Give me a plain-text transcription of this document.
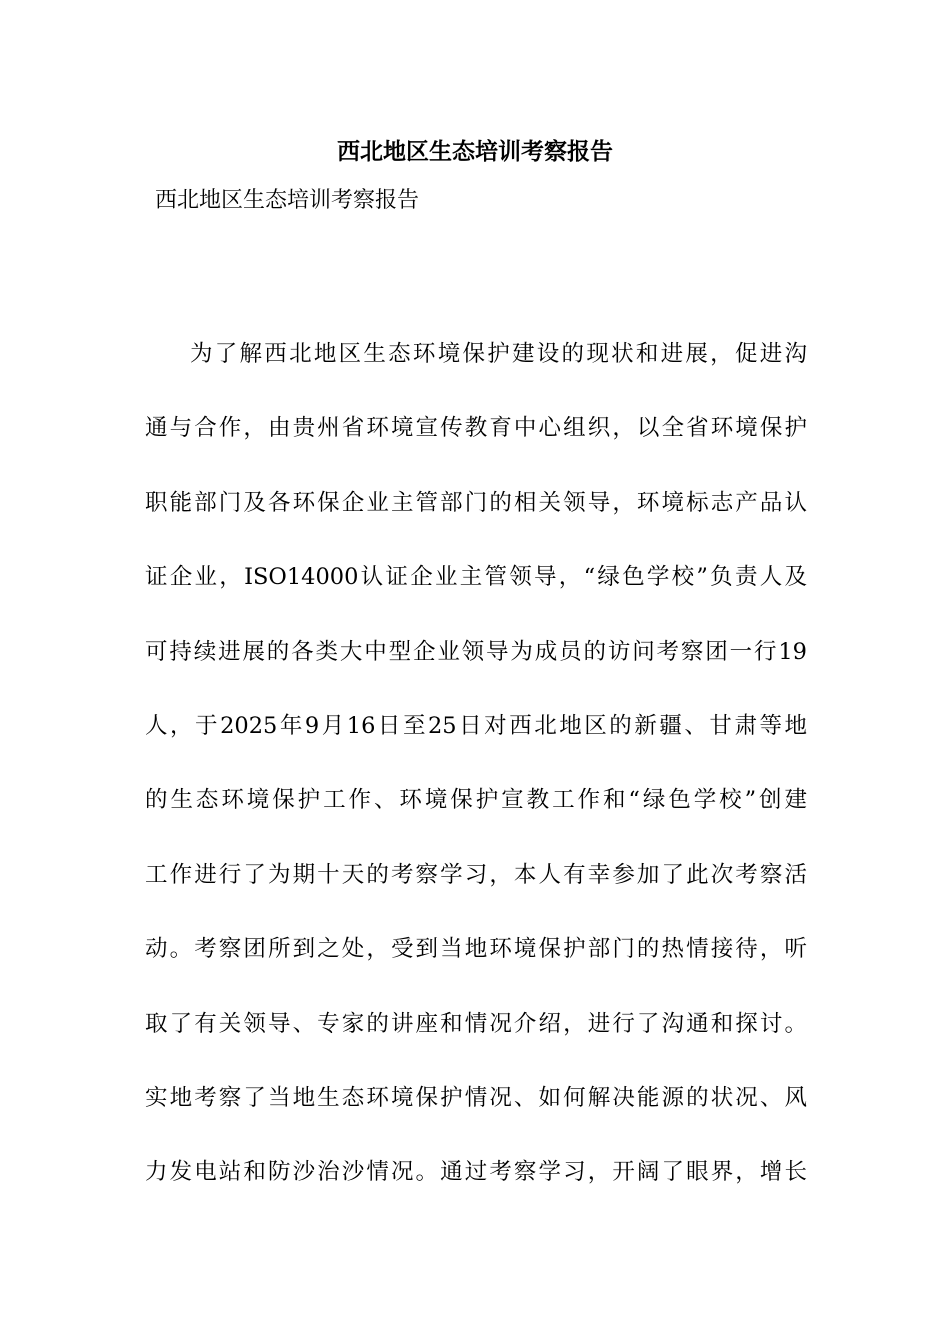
西北地区生态培训考察报告

西北地区生态培训考察报告

为了解西北地区生态环境保护建设的现状和进展，促进沟
通与合作，由贵州省环境宣传教育中心组织，以全省环境保护
职能部门及各环保企业主管部门的相关领导，环境标志产品认
证企业，ISO14000认证企业主管领导，“绿色学校”负责人及
可持续进展的各类大中型企业领导为成员的访问考察团一行19
人，于2025年9月16日至25日对西北地区的新疆、甘肃等地
的生态环境保护工作、环境保护宣教工作和“绿色学校”创建
工作进行了为期十天的考察学习，本人有幸参加了此次考察活
动。考察团所到之处，受到当地环境保护部门的热情接待，听
取了有关领导、专家的讲座和情况介绍，进行了沟通和探讨。
实地考察了当地生态环境保护情况、如何解决能源的状况、风
力发电站和防沙治沙情况。通过考察学习，开阔了眼界，增长
